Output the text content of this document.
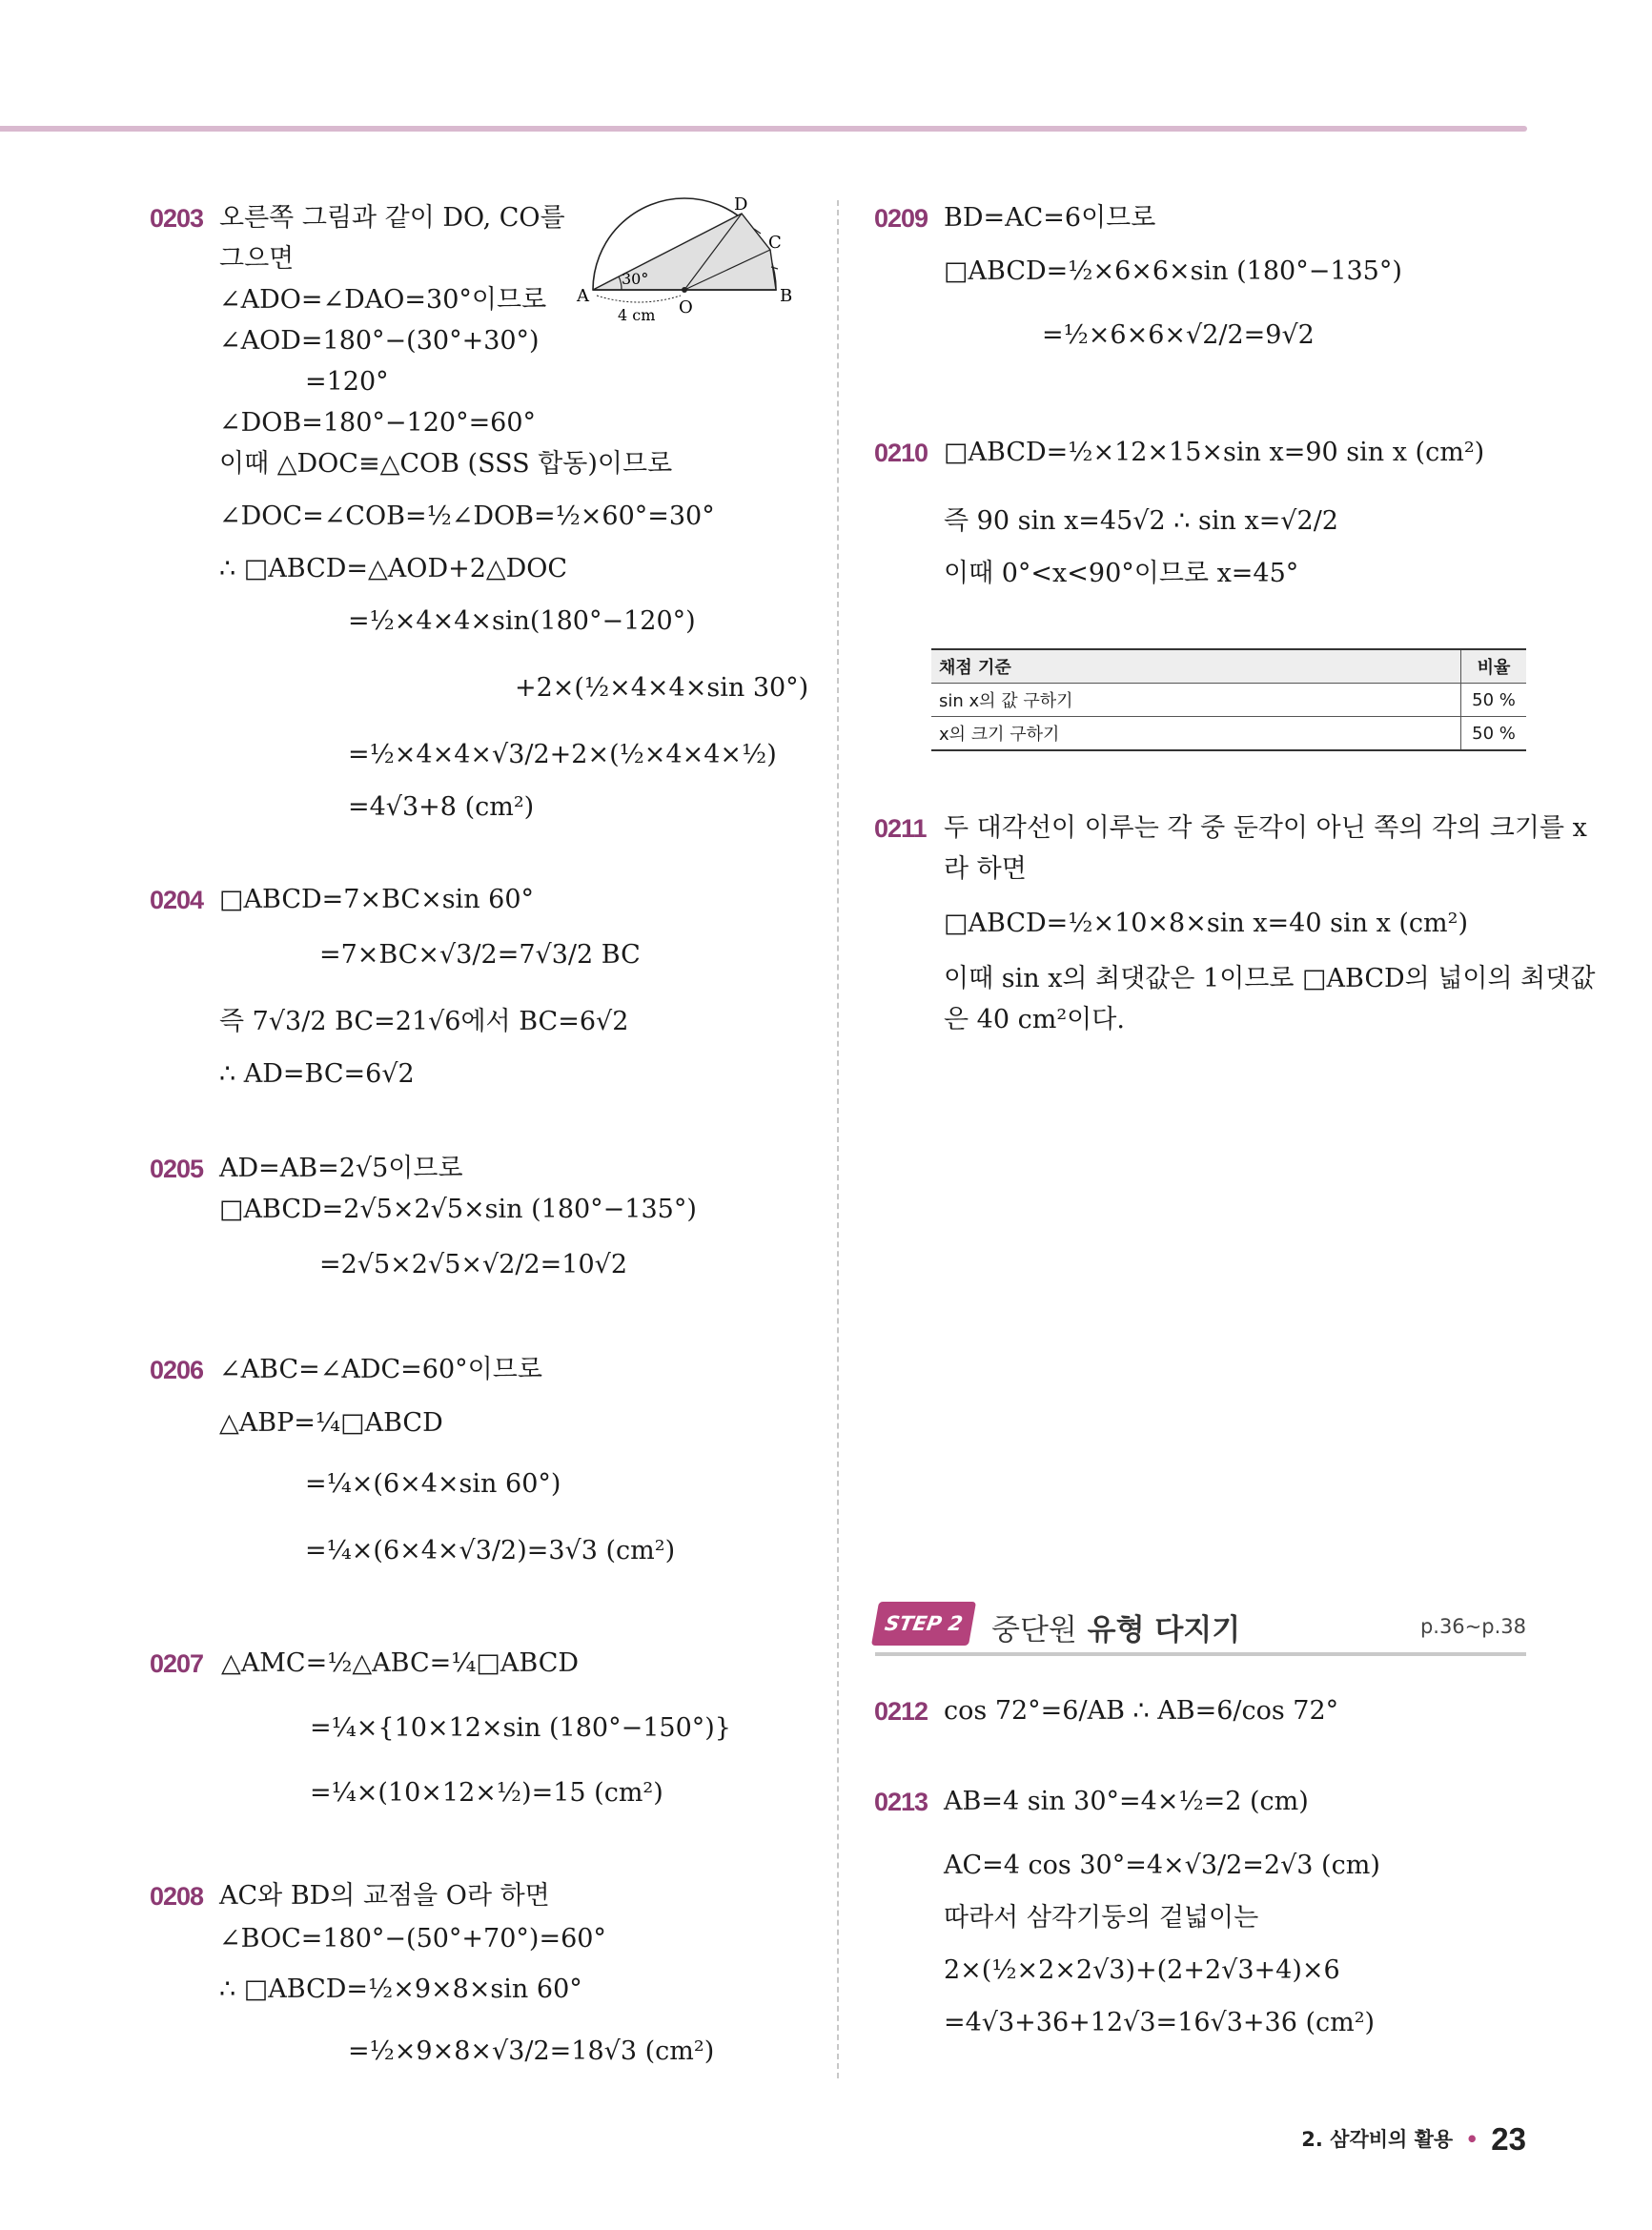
0203 오른쪽 그림과 같이 DO, CO를
그으면
∠ADO=∠DAO=30°이므로
∠AOD=180°−(30°+30°)
=120°
∠DOB=180°−120°=60°
이때 △DOC≡△COB (SSS 합동)이므로
∠DOC=∠COB=½∠DOB=½×60°=30°
∴ □ABCD=△AOD+2△DOC
=½×4×4×sin(180°−120°)
+2×(½×4×4×sin 30°)
=½×4×4×√3/2+2×(½×4×4×½)
=4√3+8 (cm²)
A
O
B
D
C
30°
4 cm
0204 □ABCD=7×BC×sin 60°
=7×BC×√3/2=7√3/2 BC
즉 7√3/2 BC=21√6에서 BC=6√2
∴ AD=BC=6√2
0205 AD=AB=2√5이므로
□ABCD=2√5×2√5×sin (180°−135°)
=2√5×2√5×√2/2=10√2
0206 ∠ABC=∠ADC=60°이므로
△ABP=¼□ABCD
=¼×(6×4×sin 60°)
=¼×(6×4×√3/2)=3√3 (cm²)
0207 △AMC=½△ABC=¼□ABCD
=¼×{10×12×sin (180°−150°)}
=¼×(10×12×½)=15 (cm²)
0208 AC와 BD의 교점을 O라 하면
∠BOC=180°−(50°+70°)=60°
∴ □ABCD=½×9×8×sin 60°
=½×9×8×√3/2=18√3 (cm²)
0209 BD=AC=6이므로
□ABCD=½×6×6×sin (180°−135°)
=½×6×6×√2/2=9√2
0210 □ABCD=½×12×15×sin x=90 sin x (cm²)
즉 90 sin x=45√2 ∴ sin x=√2/2
이때 0°<x<90°이므로 x=45°
채점 기준	비율
sin x의 값 구하기	50 %
x의 크기 구하기	50 %
0211 두 대각선이 이루는 각 중 둔각이 아닌 쪽의 각의 크기를 x
라 하면
□ABCD=½×10×8×sin x=40 sin x (cm²)
이때 sin x의 최댓값은 1이므로 □ABCD의 넓이의 최댓값
은 40 cm²이다.
STEP 2 중단원 유형 다지기	p.36~p.38
0212 cos 72°=6/AB ∴ AB=6/cos 72°
0213 AB=4 sin 30°=4×½=2 (cm)
AC=4 cos 30°=4×√3/2=2√3 (cm)
따라서 삼각기둥의 겉넓이는
2×(½×2×2√3)+(2+2√3+4)×6
=4√3+36+12√3=16√3+36 (cm²)
2. 삼각비의 활용 • 23
